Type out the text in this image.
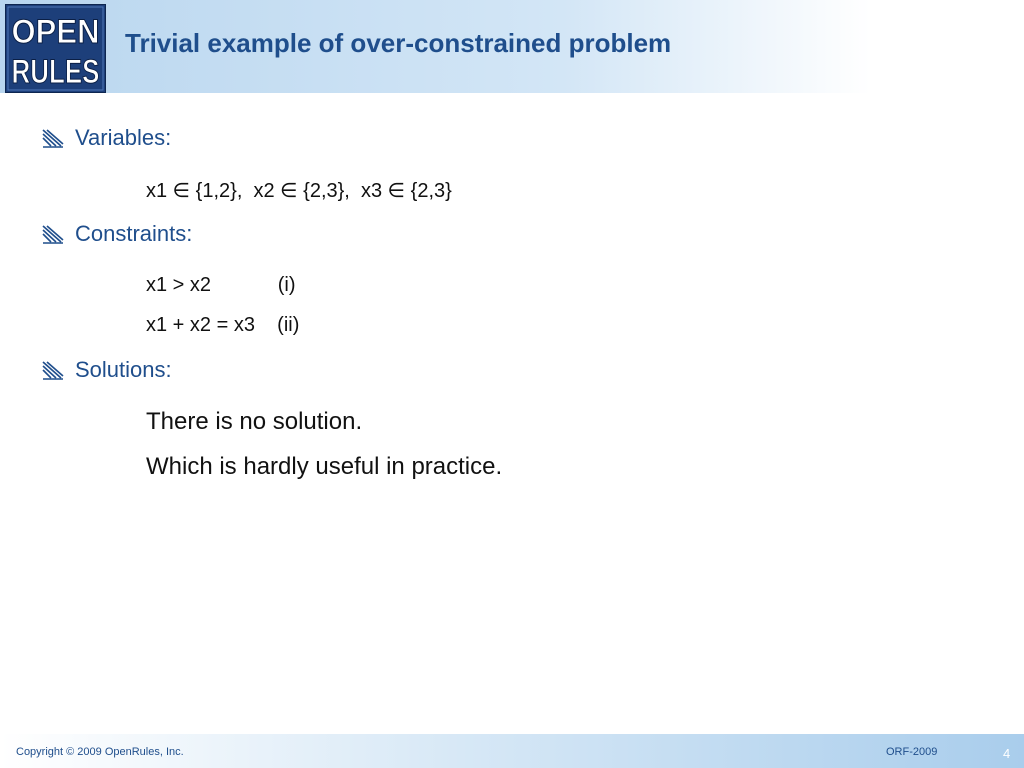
OPEN
RULES
Trivial example of over-constrained problem
Variables:
x1 ∈ {1,2},  x2 ∈ {2,3},  x3 ∈ {2,3}
Constraints:
x1 > x2            (i)
x1 + x2 = x3    (ii)
Solutions:
There is no solution.
Which is hardly useful in practice.
Copyright © 2009 OpenRules, Inc.	ORF-2009	4
